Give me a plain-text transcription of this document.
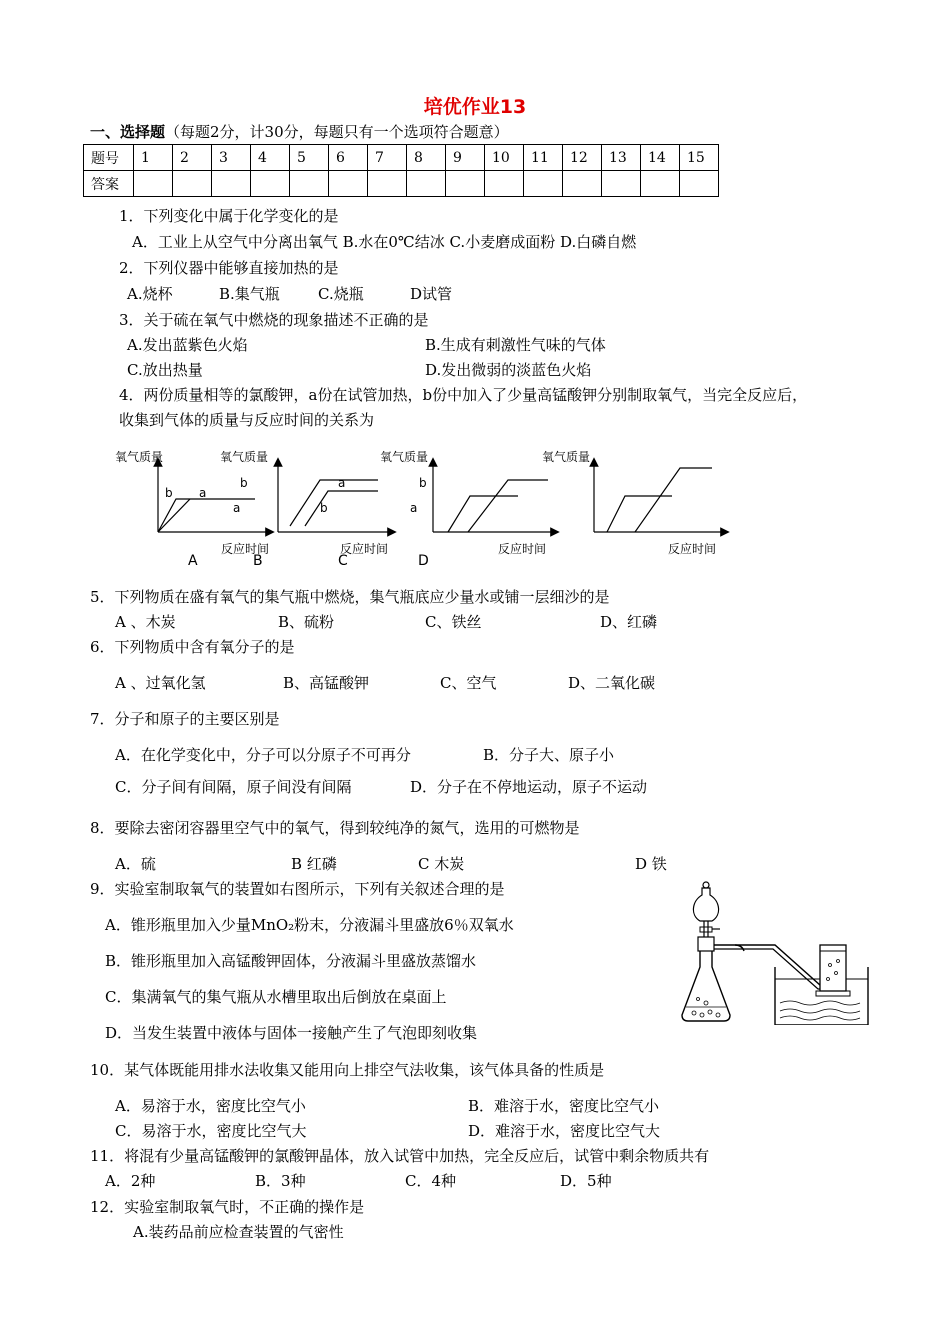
培优作业13
一、选择题（每题2分，计30分，每题只有一个选项符合题意）
题号	1	2	3	4	5	6	7	8	9	10	11	12	13	14	15
答案															
1．下列变化中属于化学变化的是
A．工业上从空气中分离出氧气 B.水在0℃结冰 C.小麦磨成面粉 D.白磷自燃
2．下列仪器中能够直接加热的是
A.烧杯	B.集气瓶	C.烧瓶	D试管
3．关于硫在氧气中燃烧的现象描述不正确的是
A.发出蓝紫色火焰	B.生成有刺激性气味的气体
C.放出热量	D.发出微弱的淡蓝色火焰
4．两份质量相等的氯酸钾，a份在试管加热，b份中加入了少量高锰酸钾分别制取氧气，当完全反应后，
收集到气体的质量与反应时间的关系为
氧气质量
b a
b
a
A
反应时间
氧气质量
a
b
B
反应时间
氧气质量
b
a
C
反应时间
氧气质量
D
反应时间
5．下列物质在盛有氧气的集气瓶中燃烧，集气瓶底应少量水或铺一层细沙的是
A 、木炭	B、硫粉	C、铁丝	D、红磷
6．下列物质中含有氧分子的是
A 、过氧化氢	B、高锰酸钾	C、空气	D、二氧化碳
7．分子和原子的主要区别是
A．在化学变化中，分子可以分原子不可再分	B．分子大、原子小
C．分子间有间隔，原子间没有间隔	D．分子在不停地运动，原子不运动
8．要除去密闭容器里空气中的氧气，得到较纯净的氮气，选用的可燃物是
A．硫	B 红磷	C 木炭	D 铁
9．实验室制取氧气的装置如右图所示，下列有关叙述合理的是
A．锥形瓶里加入少量MnO₂粉末，分液漏斗里盛放6％双氧水
B．锥形瓶里加入高锰酸钾固体，分液漏斗里盛放蒸馏水
C．集满氧气的集气瓶从水槽里取出后倒放在桌面上
D．当发生装置中液体与固体一接触产生了气泡即刻收集
10．某气体既能用排水法收集又能用向上排空气法收集，该气体具备的性质是
A．易溶于水，密度比空气小	B．难溶于水，密度比空气小
C．易溶于水，密度比空气大	D．难溶于水，密度比空气大
11．将混有少量高锰酸钾的氯酸钾晶体，放入试管中加热，完全反应后，试管中剩余物质共有
A．2种	B．3种	C．4种	D．5种
12．实验室制取氧气时，不正确的操作是
A.装药品前应检查装置的气密性
